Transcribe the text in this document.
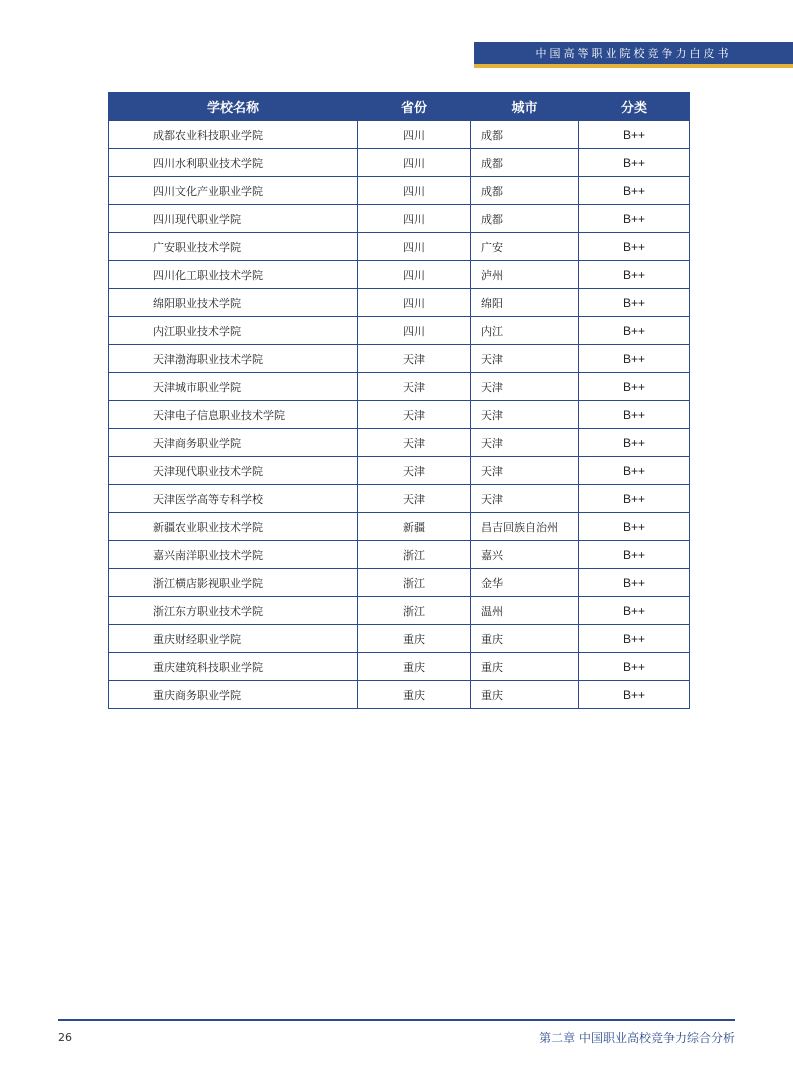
中国高等职业院校竞争力白皮书
学校名称	省份	城市	分类
成都农业科技职业学院	四川	成都	B++
四川水利职业技术学院	四川	成都	B++
四川文化产业职业学院	四川	成都	B++
四川现代职业学院	四川	成都	B++
广安职业技术学院	四川	广安	B++
四川化工职业技术学院	四川	泸州	B++
绵阳职业技术学院	四川	绵阳	B++
内江职业技术学院	四川	内江	B++
天津渤海职业技术学院	天津	天津	B++
天津城市职业学院	天津	天津	B++
天津电子信息职业技术学院	天津	天津	B++
天津商务职业学院	天津	天津	B++
天津现代职业技术学院	天津	天津	B++
天津医学高等专科学校	天津	天津	B++
新疆农业职业技术学院	新疆	昌吉回族自治州	B++
嘉兴南洋职业技术学院	浙江	嘉兴	B++
浙江横店影视职业学院	浙江	金华	B++
浙江东方职业技术学院	浙江	温州	B++
重庆财经职业学院	重庆	重庆	B++
重庆建筑科技职业学院	重庆	重庆	B++
重庆商务职业学院	重庆	重庆	B++
26	第二章 中国职业高校竞争力综合分析
